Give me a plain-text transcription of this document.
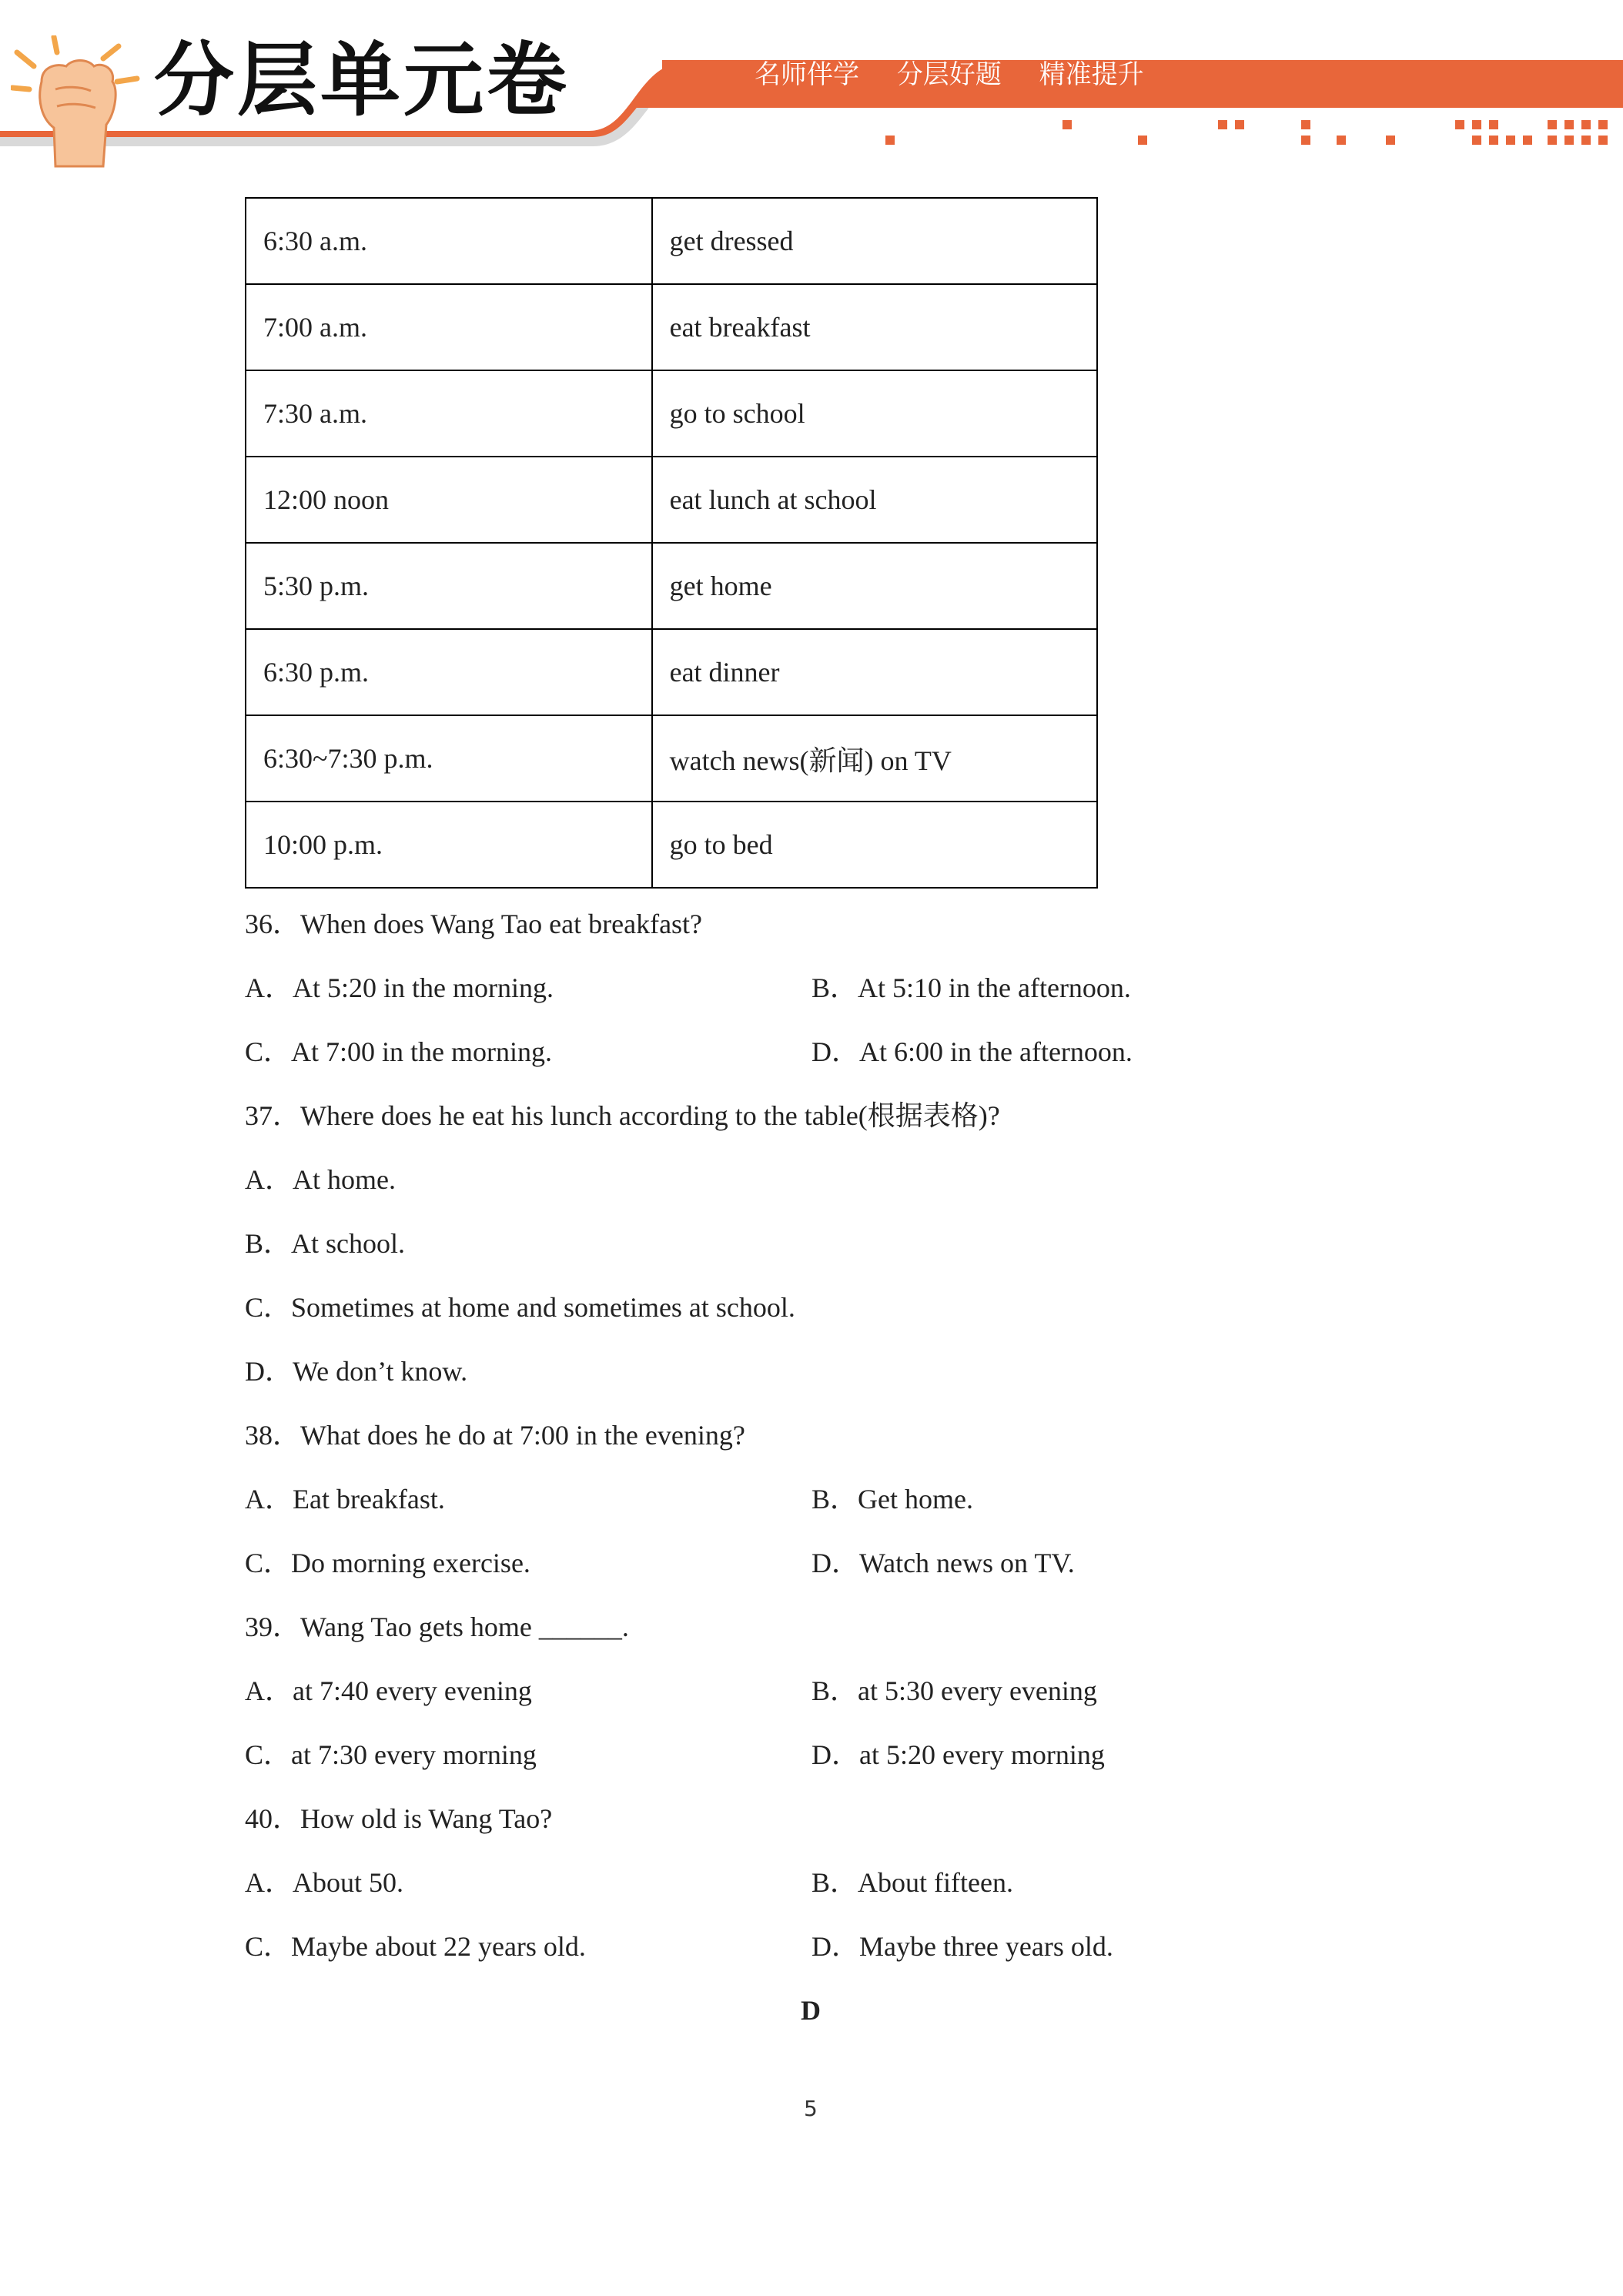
分层单元卷	名师伴学 分层好题 精准提升
6:30 a.m.	get dressed
7:00 a.m.	eat breakfast
7:30 a.m.	go to school
12:00 noon	eat lunch at school
5:30 p.m.	get home
6:30 p.m.	eat dinner
6:30~7:30 p.m.	watch news(新闻) on TV
10:00 p.m.	go to bed
36．When does Wang Tao eat breakfast?
A．At 5:20 in the morning.	B．At 5:10 in the afternoon.
C．At 7:00 in the morning.	D．At 6:00 in the afternoon.
37．Where does he eat his lunch according to the table(根据表格)?
A．At home.
B．At school.
C．Sometimes at home and sometimes at school.
D．We don’t know.
38．What does he do at 7:00 in the evening?
A．Eat breakfast.	B．Get home.
C．Do morning exercise.	D．Watch news on TV.
39．Wang Tao gets home ______.
A．at 7:40 every evening	B．at 5:30 every evening
C．at 7:30 every morning	D．at 5:20 every morning
40．How old is Wang Tao?
A．About 50.	B．About fifteen.
C．Maybe about 22 years old.	D．Maybe three years old.
D
5
